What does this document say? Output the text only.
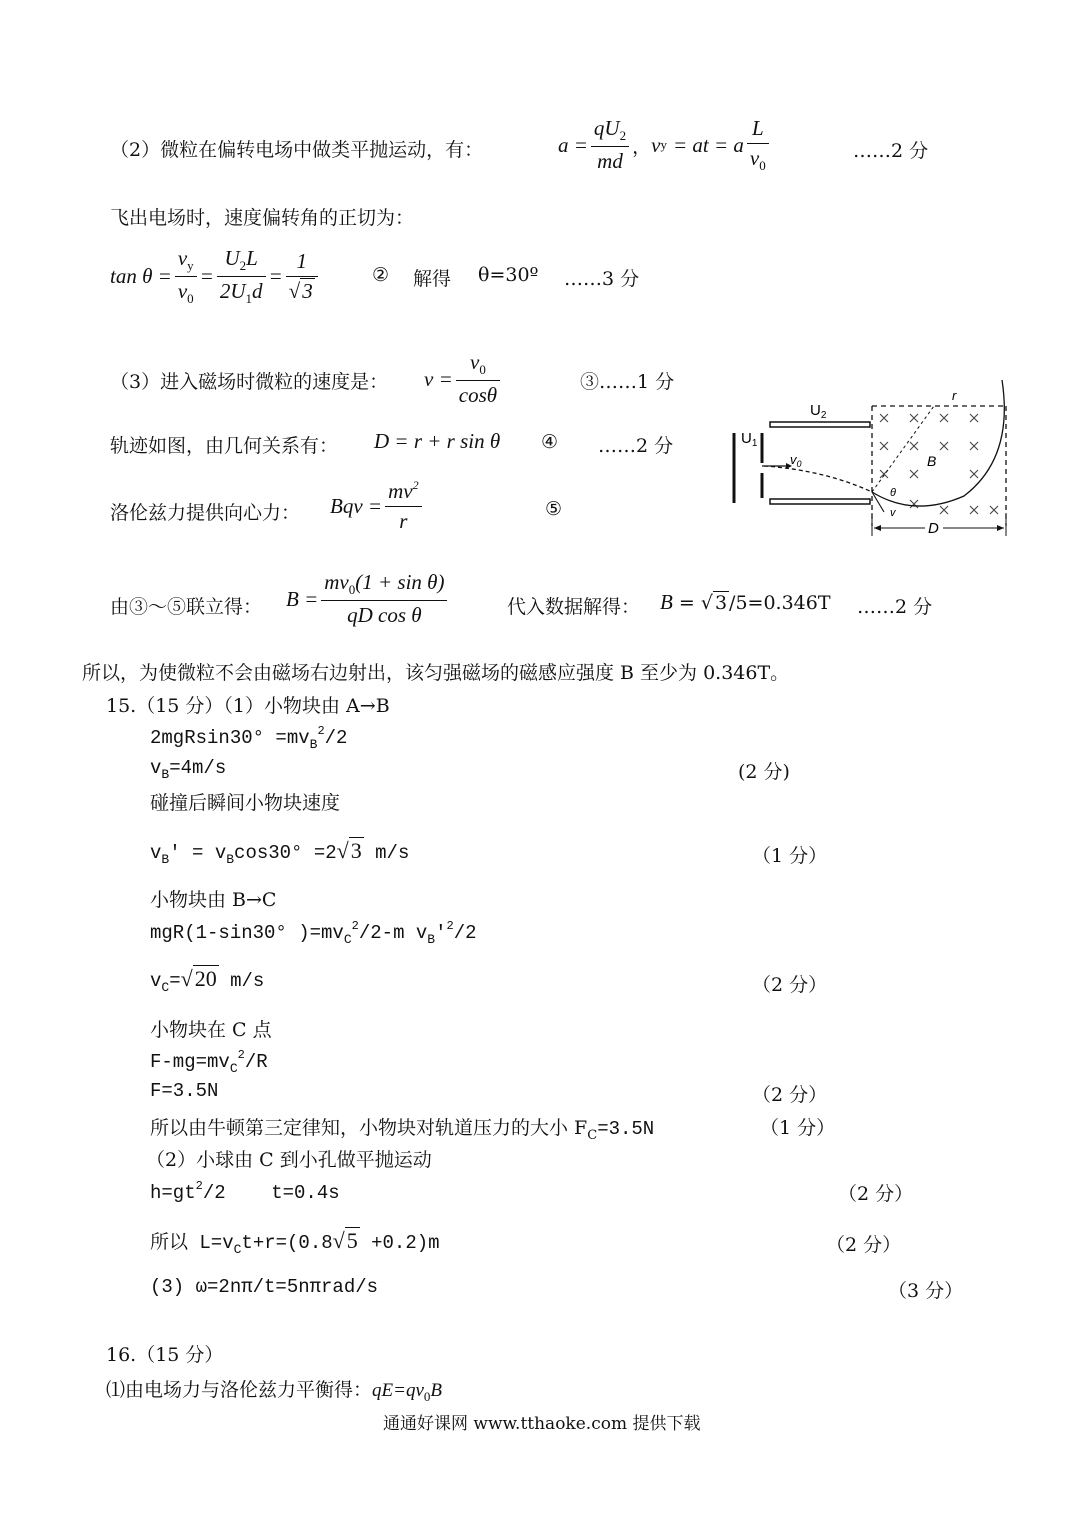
（2）微粒在偏转电场中做类平抛运动，有：	$a = \frac{qU_2}{md}$ ， v y = at = a $\frac{L}{v_0}$	……2 分
飞出电场时，速度偏转角的正切为：
$\tan \theta = \frac{v_y}{v_0} = \frac{U_2L}{2U_1d} = \frac{1}{√3}$	② 解得 θ=30º ……3 分
（3）进入磁场时微粒的速度是： $v = \frac{v_0}{\cos\theta}$	③……1 分
轨迹如图，由几何关系有： D = r + r sin θ ④ ……2 分
洛伦兹力提供向心力： Bqv = $\frac{mv^2}{r}$	⑤
$U_1$
$U_2$
$v_0$
r
B
θ
v
D
由③～⑤联立得： $B = \frac{mv_0(1 + \sin \theta)}{\text{qD cos θ}}$	代入数据解得： B = √ 3 /5=0.346T ……2 分
所以，为使微粒不会由磁场右边射出，该匀强磁场的磁感应强度 B 至少为 0.346T。
15.（15 分）（1）小物块由 A→B
$2mgRsin30^\circ =mv_B^2/2$
$v_B=4m/s$	(2 分)
碰撞后瞬间小物块速度
$v_B' = v_B\cos 30^\circ =2√3$ m/s	（1 分）
小物块由 B→C
mgR(1-sin30° )$=mv_C^2/2-m$ $v_B'^2/2$
$v_C=√20$ m/s	（2 分）
小物块在 C 点
$F-mg=mv_C^2/R$
F=3.5N	（2 分）
所以由牛顿第三定律知，小物块对轨道压力的大小 $F_C=3.5N$	（1 分）
（2）小球由 C 到小孔做平抛运动
$h=gt^2/2$    t=0.4s	（2 分）
所以 $L=v_Ct+r=(0.8√5 +0.2)m$	（2 分）
(3) ω=2nπ/t=5nπrad/s	（3 分）
16.（15 分）
⑴由电场力与洛伦兹力平衡得：$qE=qv_0B$
通通好课网 www.tthaoke.com 提供下载
